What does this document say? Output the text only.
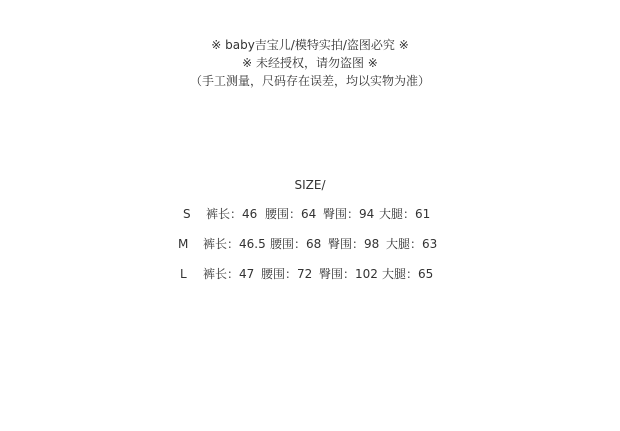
※ baby吉宝儿/模特实拍/盗图必究 ※
※ 未经授权，请勿盗图 ※
（手工测量，尺码存在误差，均以实物为准）
SIZE/
S 裤长：46 腰围：64 臀围：94 大腿：61
M 裤长：46.5 腰围：68 臀围：98 大腿：63
L 裤长：47 腰围：72 臀围：102 大腿：65
